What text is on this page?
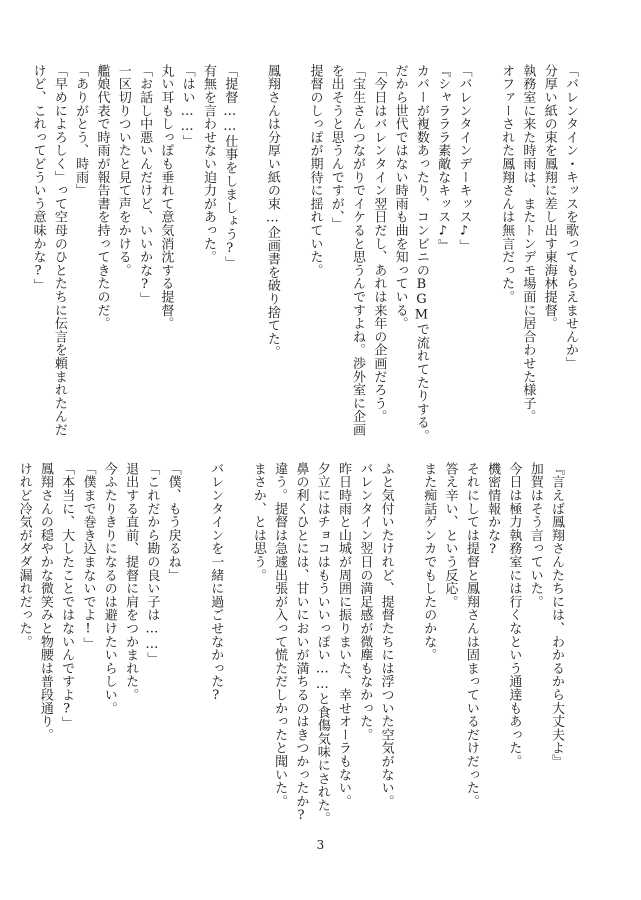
「バレンタイン・キッスを歌ってもらえませんか」

分厚い紙の束を鳳翔に差し出す東海林提督。

執務室に来た時雨は、またトンデモ場面に居合わせた様子。

オファーされた鳳翔さんは無言だった。

「バレンタインデーキッス♪」

『シャラララ素敵なキッス♪』

カバーが複数あったり、コンビニのBGMで流れてたりする。

だから世代ではない時雨も曲を知っている。

「今日はバレンタイン翌日だし、あれは来年の企画だろう。

「宝生さんつながりでイケると思うんですよね。渉外室に企画

を出そうと思うんですが、」

提督のしっぽが期待に揺れていた。

鳳翔さんは分厚い紙の束…企画書を破り捨てた。

「提督……仕事をしましょう?」

有無を言わせない迫力があった。

「はい……」

丸い耳もしっぽも垂れて意気消沈する提督。

「お話し中悪いんだけど、いいかな?」

一区切りついたと見て声をかける。

艦娘代表で時雨が報告書を持ってきたのだ。

「ありがとう、時雨」

「早めによろしく」って空母のひとたちに伝言を頼まれたんだ

けど、これってどういう意味かな?」

『言えば鳳翔さんたちには、わかるから大丈夫よ』

加賀はそう言っていた。

今日は極力執務室には行くなという通達もあった。

機密情報かな?

それにしては提督と鳳翔さんは固まっているだけだった。

答え辛い、という反応。

また痴話ゲンカでもしたのかな。

ふと気付いたけれど、提督たちには浮ついた空気がない。

バレンタイン翌日の満足感が微塵もなかった。

昨日時雨と山城が周囲に振りまいた、幸せオーラもない。

夕立にはチョコはもういいっぽい……と食傷気味にされた。

鼻の利くひとには、甘いにおいが満ちるのはきつかったか?

違う。提督は急遽出張が入って慌ただしかったと聞いた。

まさか、とは思う。

バレンタインを一緒に過ごせなかった?

「僕、もう戻るね」

「これだから勘の良い子は……」

退出する直前、提督に肩をつかまれた。

今ふたりきりになるのは避けたいらしい。

「僕まで巻き込まないでよ!」

「本当に、大したことではないんですよ?」

鳳翔さんの穏やかな微笑みと物腰は普段通り。

けれど冷気がダダ漏れだった。

3
